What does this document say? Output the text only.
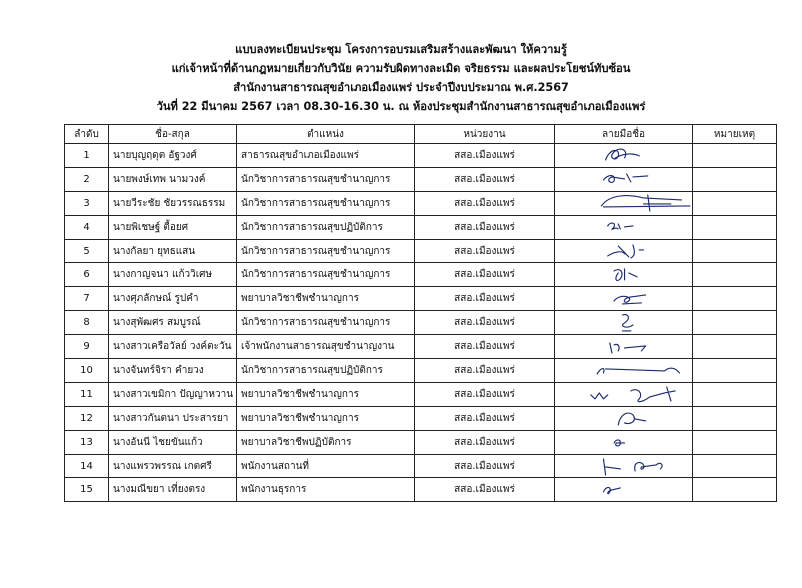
แบบลงทะเบียนประชุม โครงการอบรมเสริมสร้างและพัฒนา ให้ความรู้
แก่เจ้าหน้าที่ด้านกฎหมายเกี่ยวกับวินัย ความรับผิดทางละเมิด จริยธรรม และผลประโยชน์ทับซ้อน
สำนักงานสาธารณสุขอำเภอเมืองแพร่ ประจำปีงบประมาณ พ.ศ.2567
วันที่ 22 มีนาคม 2567 เวลา 08.30-16.30 น. ณ ห้องประชุมสำนักงานสาธารณสุขอำเภอเมืองแพร่
ลำดับ	ชื่อ-สกุล	ตำแหน่ง	หน่วยงาน	ลายมือชื่อ	หมายเหตุ
1	นายบุญฤดุต อัฐวงศ์	สาธารณสุขอำเภอเมืองแพร่	สสอ.เมืองแพร่	

2	นายพงษ์เทพ นามวงค์	นักวิชาการสาธารณสุขชำนาญการ	สสอ.เมืองแพร่	

3	นายวีระชัย ชัยวรรณธรรม	นักวิชาการสาธารณสุขชำนาญการ	สสอ.เมืองแพร่	

4	นายพิเชษฐ์ ตื้อยศ	นักวิชาการสาธารณสุขปฏิบัติการ	สสอ.เมืองแพร่	

5	นางกัลยา ยุทธแสน	นักวิชาการสาธารณสุขชำนาญการ	สสอ.เมืองแพร่	

6	นางกาญจนา แก้ววิเศษ	นักวิชาการสาธารณสุขชำนาญการ	สสอ.เมืองแพร่	

7	นางศุภลักษณ์ รูปคำ	พยาบาลวิชาชีพชำนาญการ	สสอ.เมืองแพร่	

8	นางสุพัฒศร สมบูรณ์	นักวิชาการสาธารณสุขชำนาญการ	สสอ.เมืองแพร่	

9	นางสาวเครือวัลย์ วงค์ตะวัน	เจ้าพนักงานสาธารณสุขชำนาญงาน	สสอ.เมืองแพร่	

10	นางจันทร์จิรา คำยวง	นักวิชาการสาธารณสุขปฏิบัติการ	สสอ.เมืองแพร่	

11	นางสาวเขมิกา ปัญญาหวาน	พยาบาลวิชาชีพชำนาญการ	สสอ.เมืองแพร่	

12	นางสาวกันตนา ประสารยา	พยาบาลวิชาชีพชำนาญการ	สสอ.เมืองแพร่	

13	นางอันนี ไชยขันแก้ว	พยาบาลวิชาชีพปฏิบัติการ	สสอ.เมืองแพร่	

14	นางแพรวพรรณ เกตศรี	พนักงานสถานที่	สสอ.เมืองแพร่	

15	นางมณีขยา เที่ยงตรง	พนักงานธุรการ	สสอ.เมืองแพร่	
